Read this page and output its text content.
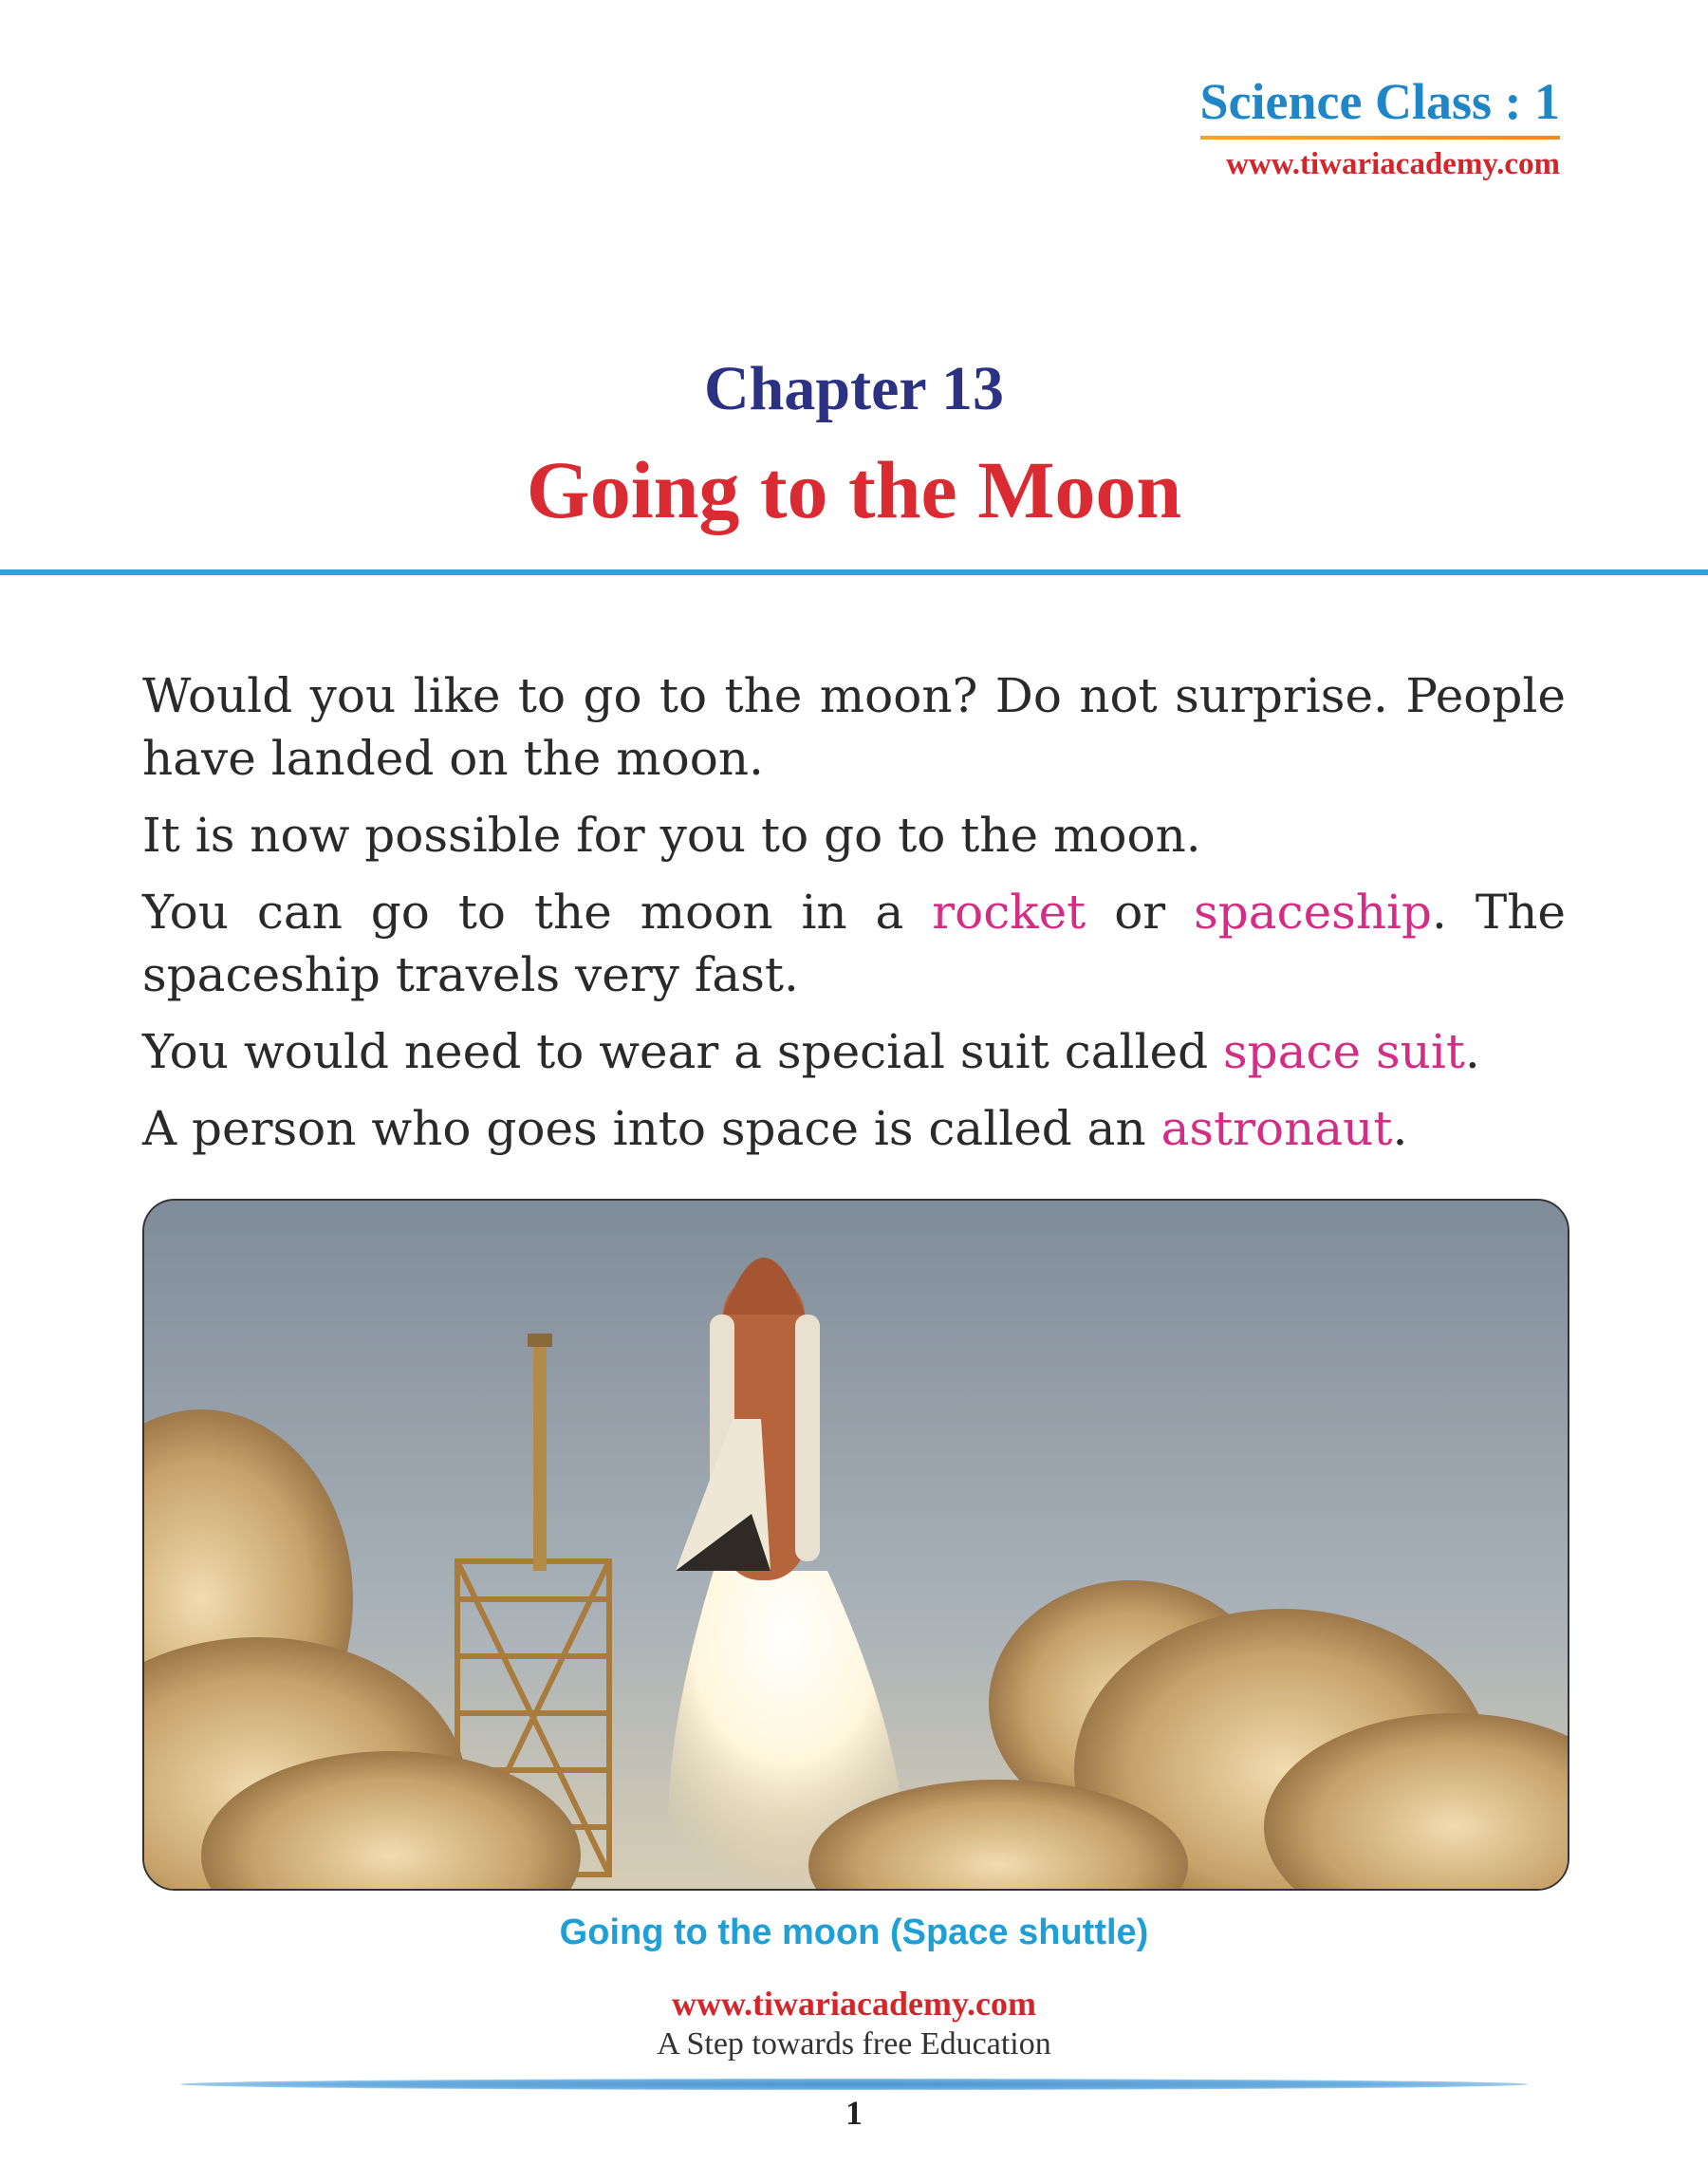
Science Class : 1
www.tiwariacademy.com
Chapter 13
Going to the Moon

Would you like to go to the moon? Do not surprise. People have landed on the moon.

It is now possible for you to go to the moon.

You can go to the moon in a rocket or spaceship. The spaceship travels very fast.

You would need to wear a special suit called space suit.

A person who goes into space is called an astronaut.

Going to the moon (Space shuttle)
www.tiwariacademy.com
A Step towards free Education
1
